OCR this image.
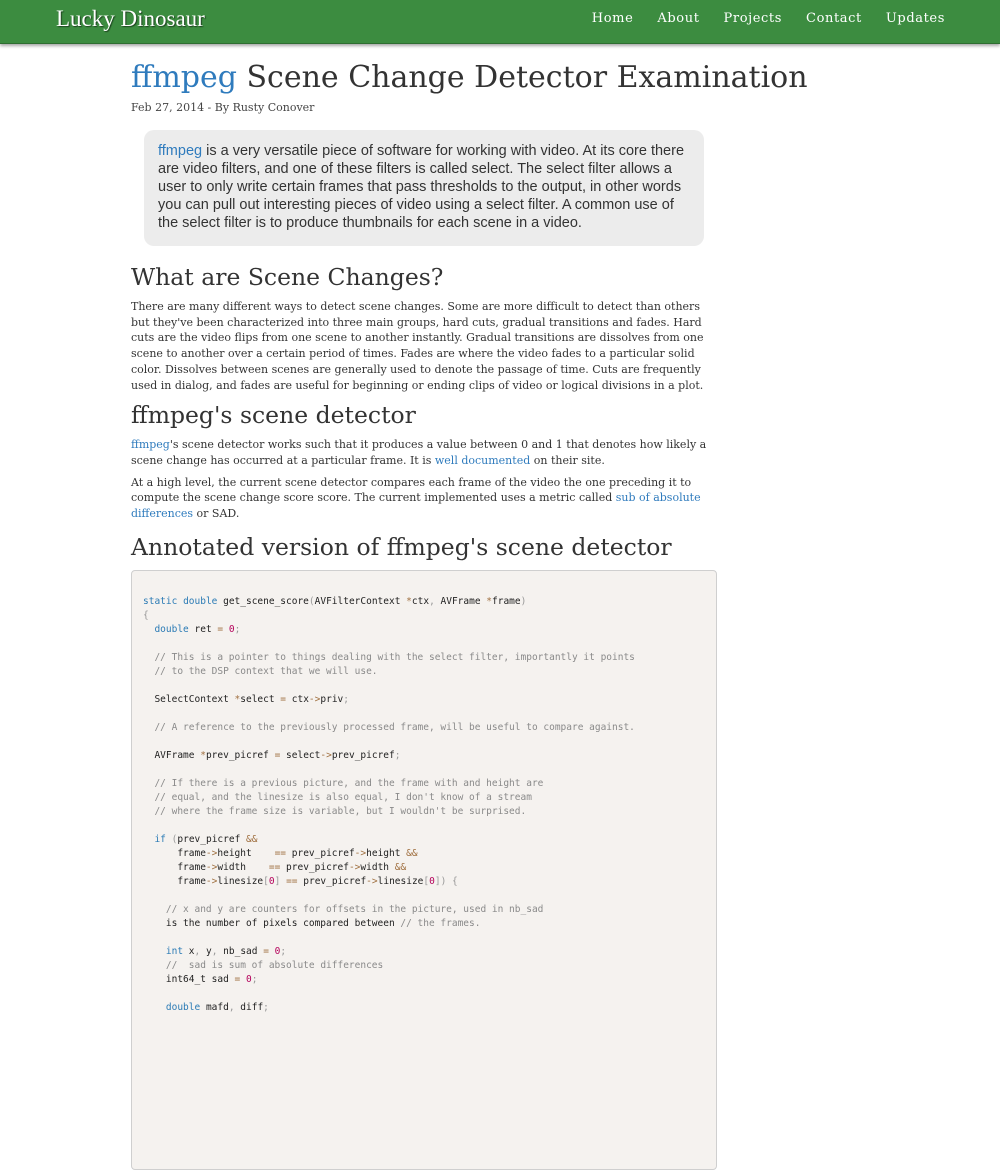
Lucky Dinosaur	Home About Projects Contact Updates
ffmpeg Scene Change Detector Examination
Feb 27, 2014 - By Rusty Conover
ffmpeg is a very versatile piece of software for working with video. At its core there are video filters, and one of these filters is called select. The select filter allows a user to only write certain frames that pass thresholds to the output, in other words you can pull out interesting pieces of video using a select filter. A common use of the select filter is to produce thumbnails for each scene in a video.
What are Scene Changes?

There are many different ways to detect scene changes. Some are more difficult to detect than others but they've been characterized into three main groups, hard cuts, gradual transitions and fades. Hard cuts are the video flips from one scene to another instantly. Gradual transitions are dissolves from one scene to another over a certain period of times. Fades are where the video fades to a particular solid color. Dissolves between scenes are generally used to denote the passage of time. Cuts are frequently used in dialog, and fades are useful for beginning or ending clips of video or logical divisions in a plot.

ffmpeg's scene detector

ffmpeg's scene detector works such that it produces a value between 0 and 1 that denotes how likely a scene change has occurred at a particular frame. It is well documented on their site.

At a high level, the current scene detector compares each frame of the video the one preceding it to compute the scene change score score. The current implemented uses a metric called sub of absolute differences or SAD.

Annotated version of ffmpeg's scene detector
static double get_scene_score(AVFilterContext *ctx, AVFrame *frame)
{
double ret = 0;

// This is a pointer to things dealing with the select filter, importantly it points
// to the DSP context that we will use.

SelectContext *select = ctx->priv;

// A reference to the previously processed frame, will be useful to compare against.

AVFrame *prev_picref = select->prev_picref;

// If there is a previous picture, and the frame with and height are
// equal, and the linesize is also equal, I don't know of a stream
// where the frame size is variable, but I wouldn't be surprised.

if (prev_picref &&
frame->height    == prev_picref->height &&
frame->width    == prev_picref->width &&
frame->linesize[0] == prev_picref->linesize[0]) {

// x and y are counters for offsets in the picture, used in nb_sad
is the number of pixels compared between // the frames.

int x, y, nb_sad = 0;
//  sad is sum of absolute differences
int64_t sad = 0;

double mafd, diff;
